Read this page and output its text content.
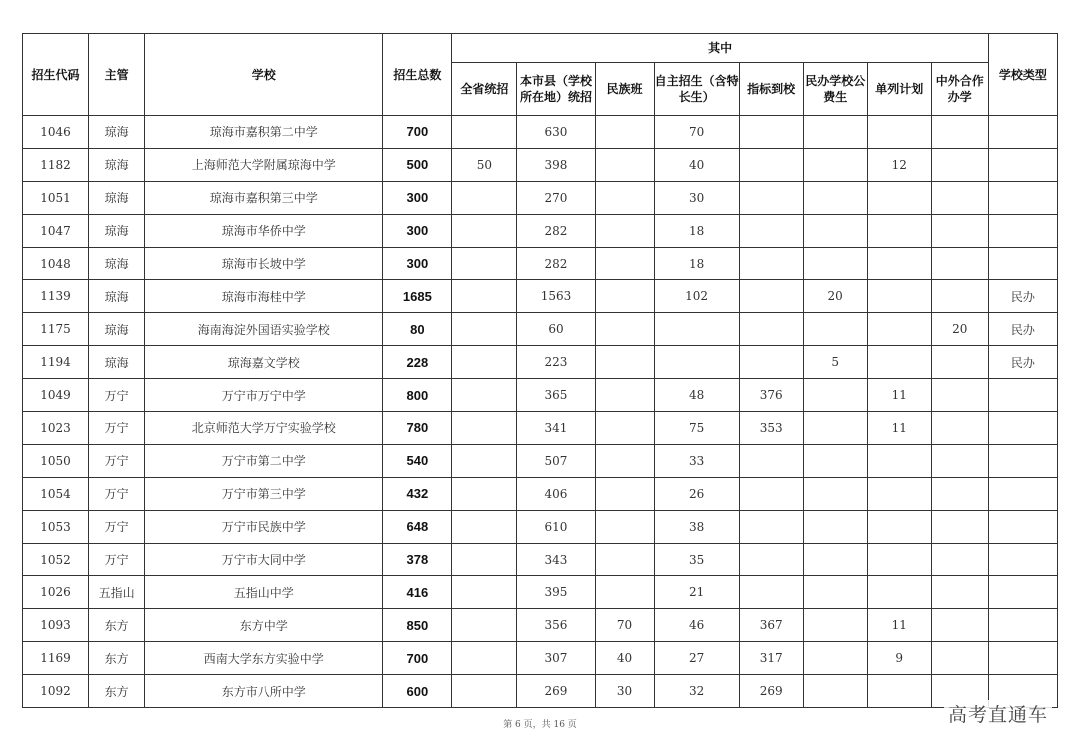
招生代码	主管	学校	招生总数	其中								学校类型
				全省统招	本市县（学校所在地）统招	民族班	自主招生（含特长生）	指标到校	民办学校公费生	单列计划	中外合作办学	
1046	琼海	琼海市嘉积第二中学	700		630		70					
1182	琼海	上海师范大学附属琼海中学	500	50	398		40			12		
1051	琼海	琼海市嘉积第三中学	300		270		30					
1047	琼海	琼海市华侨中学	300		282		18					
1048	琼海	琼海市长坡中学	300		282		18					
1139	琼海	琼海市海桂中学	1685		1563		102		20			民办
1175	琼海	海南海淀外国语实验学校	80		60						20	民办
1194	琼海	琼海嘉文学校	228		223				5			民办
1049	万宁	万宁市万宁中学	800		365		48	376		11		
1023	万宁	北京师范大学万宁实验学校	780		341		75	353		11		
1050	万宁	万宁市第二中学	540		507		33					
1054	万宁	万宁市第三中学	432		406		26					
1053	万宁	万宁市民族中学	648		610		38					
1052	万宁	万宁市大同中学	378		343		35					
1026	五指山	五指山中学	416		395		21					
1093	东方	东方中学	850		356	70	46	367		11		
1169	东方	西南大学东方实验中学	700		307	40	27	317		9		
1092	东方	东方市八所中学	600		269	30	32	269				
第 6 页，共 16 页	高考直通车
